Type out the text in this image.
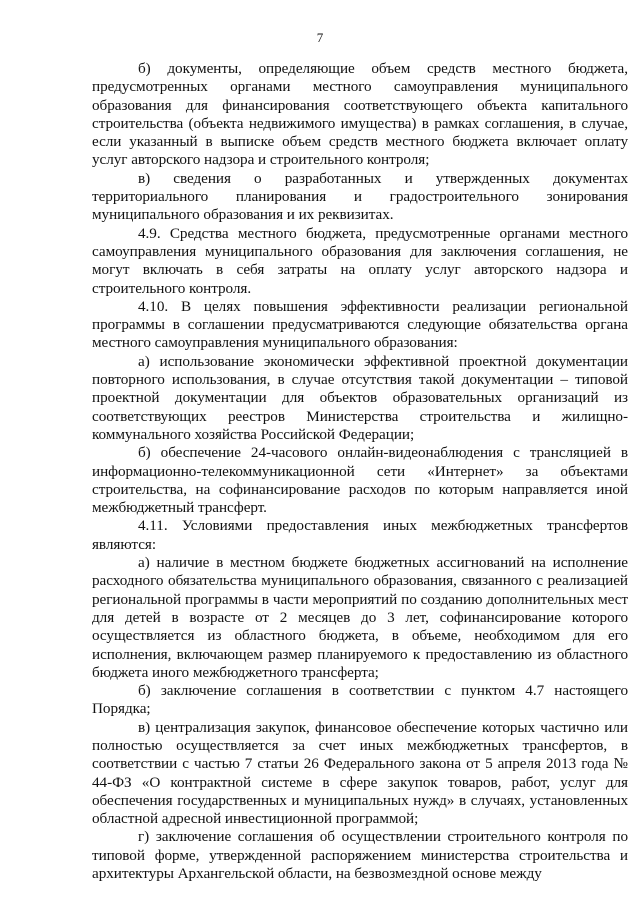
7

б) документы, определяющие объем средств местного бюджета, предусмотренных органами местного самоуправления муниципального образования для финансирования соответствующего объекта капитального строительства (объекта недвижимого имущества) в рамках соглашения, в случае, если указанный в выписке объем средств местного бюджета включает оплату услуг авторского надзора и строительного контроля;

в) сведения о разработанных и утвержденных документах территориального планирования и градостроительного зонирования муниципального образования и их реквизитах.

4.9. Средства местного бюджета, предусмотренные органами местного самоуправления муниципального образования для заключения соглашения, не могут включать в себя затраты на оплату услуг авторского надзора и строительного контроля.

4.10. В целях повышения эффективности реализации региональной программы в соглашении предусматриваются следующие обязательства органа местного самоуправления муниципального образования:

а) использование экономически эффективной проектной документации повторного использования, в случае отсутствия такой документации – типовой проектной документации для объектов образовательных организаций из соответствующих реестров Министерства строительства и жилищно-коммунального хозяйства Российской Федерации;

б) обеспечение 24-часового онлайн-видеонаблюдения с трансляцией в информационно-телекоммуникационной сети «Интернет» за объектами строительства, на софинансирование расходов по которым направляется иной межбюджетный трансферт.

4.11. Условиями предоставления иных межбюджетных трансфертов являются:

а) наличие в местном бюджете бюджетных ассигнований на исполнение расходного обязательства муниципального образования, связанного с реализацией региональной программы в части мероприятий по созданию дополнительных мест для детей в возрасте от 2 месяцев до 3 лет, софинансирование которого осуществляется из областного бюджета, в объеме, необходимом для его исполнения, включающем размер планируемого к предоставлению из областного бюджета иного межбюджетного трансферта;

б) заключение соглашения в соответствии с пунктом 4.7 настоящего Порядка;

в) централизация закупок, финансовое обеспечение которых частично или полностью осуществляется за счет иных межбюджетных трансфертов, в соответствии с частью 7 статьи 26 Федерального закона от 5 апреля 2013 года № 44-ФЗ «О контрактной системе в сфере закупок товаров, работ, услуг для обеспечения государственных и муниципальных нужд» в случаях, установленных областной адресной инвестиционной программой;

г) заключение соглашения об осуществлении строительного контроля по типовой форме, утвержденной распоряжением министерства строительства и архитектуры Архангельской области, на безвозмездной основе между
